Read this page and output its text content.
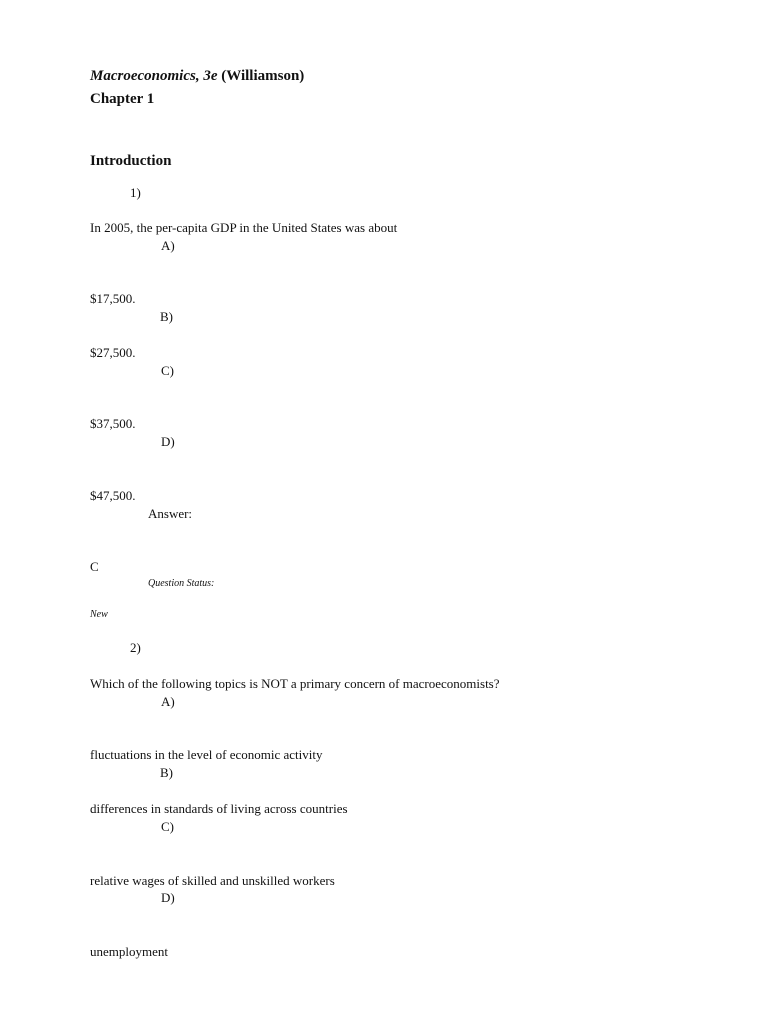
Macroeconomics, 3e (Williamson)
Chapter 1
Introduction
1)
In 2005, the per-capita GDP in the United States was about
A)
$17,500.
B)
$27,500.
C)
$37,500.
D)
$47,500.
Answer:
C
Question Status:
New
2)
Which of the following topics is NOT a primary concern of macroeconomists?
A)
fluctuations in the level of economic activity
B)
differences in standards of living across countries
C)
relative wages of skilled and unskilled workers
D)
unemployment
